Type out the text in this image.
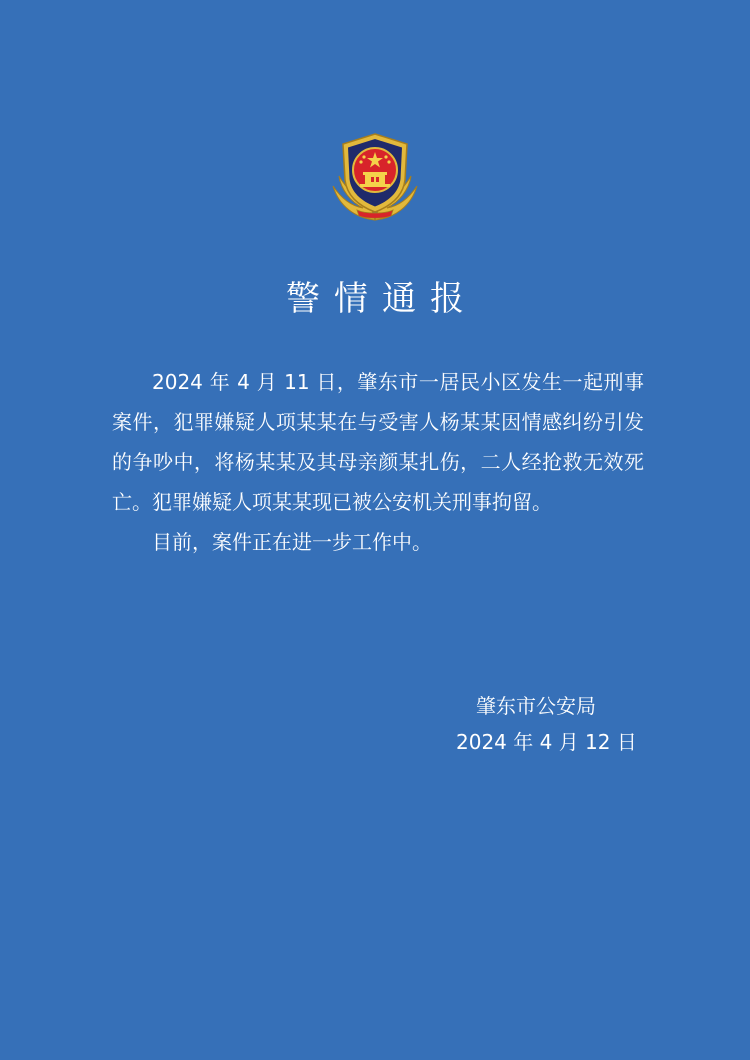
警情通报

2024 年 4 月 11 日，肇东市一居民小区发生一起刑事案件，犯罪嫌疑人项某某在与受害人杨某某因情感纠纷引发的争吵中，将杨某某及其母亲颜某扎伤，二人经抢救无效死亡。犯罪嫌疑人项某某现已被公安机关刑事拘留。

目前，案件正在进一步工作中。

肇东市公安局
2024 年 4 月 12 日
